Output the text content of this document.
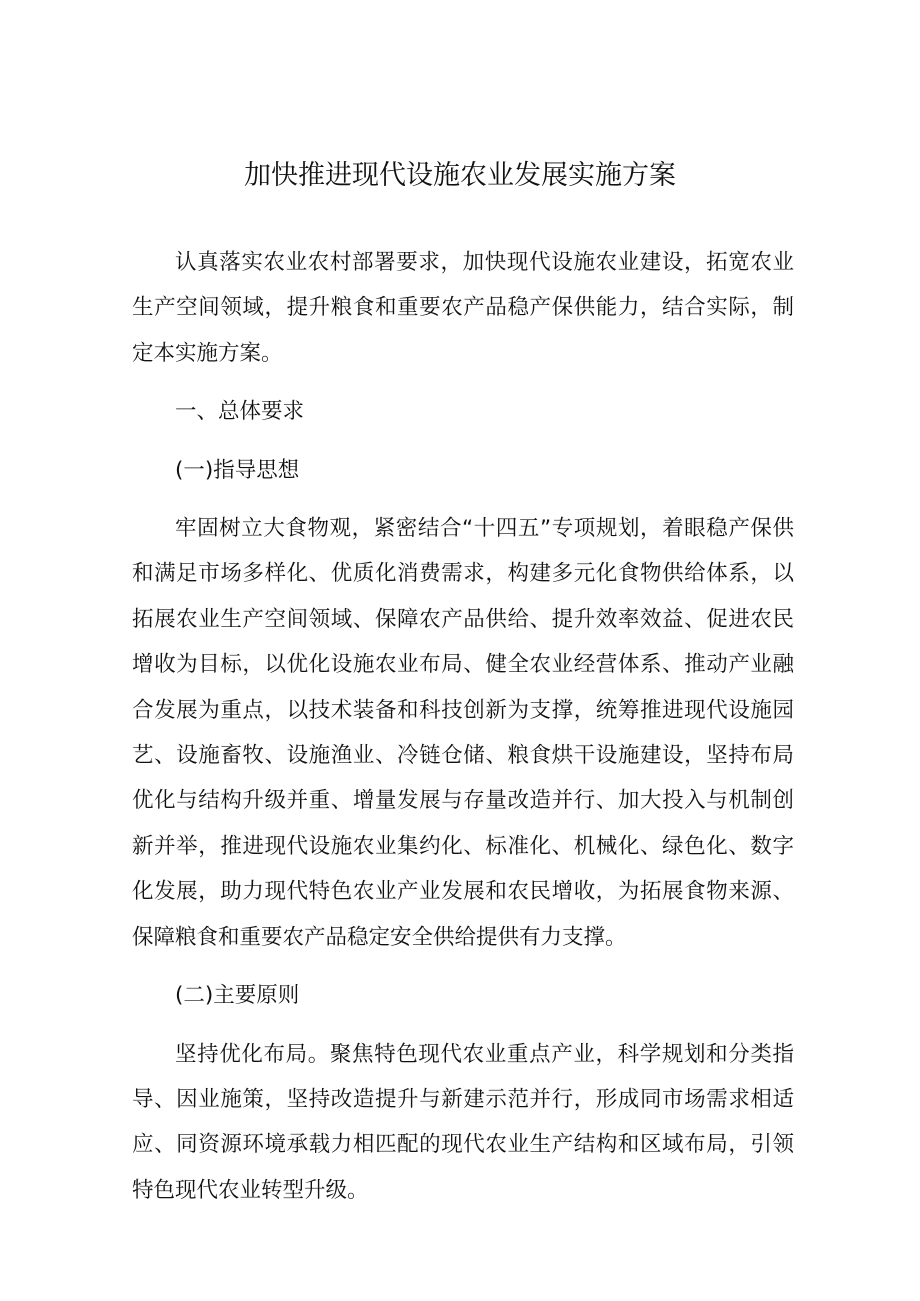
加快推进现代设施农业发展实施方案

认真落实农业农村部署要求，加快现代设施农业建设，拓宽农业生产空间领域，提升粮食和重要农产品稳产保供能力，结合实际，制定本实施方案。

一、总体要求

(一)指导思想

牢固树立大食物观，紧密结合“十四五”专项规划，着眼稳产保供和满足市场多样化、优质化消费需求，构建多元化食物供给体系，以拓展农业生产空间领域、保障农产品供给、提升效率效益、促进农民增收为目标，以优化设施农业布局、健全农业经营体系、推动产业融合发展为重点，以技术装备和科技创新为支撑，统筹推进现代设施园艺、设施畜牧、设施渔业、冷链仓储、粮食烘干设施建设，坚持布局优化与结构升级并重、增量发展与存量改造并行、加大投入与机制创新并举，推进现代设施农业集约化、标准化、机械化、绿色化、数字化发展，助力现代特色农业产业发展和农民增收，为拓展食物来源、保障粮食和重要农产品稳定安全供给提供有力支撑。

(二)主要原则

坚持优化布局。聚焦特色现代农业重点产业，科学规划和分类指导、因业施策，坚持改造提升与新建示范并行，形成同市场需求相适应、同资源环境承载力相匹配的现代农业生产结构和区域布局，引领特色现代农业转型升级。
